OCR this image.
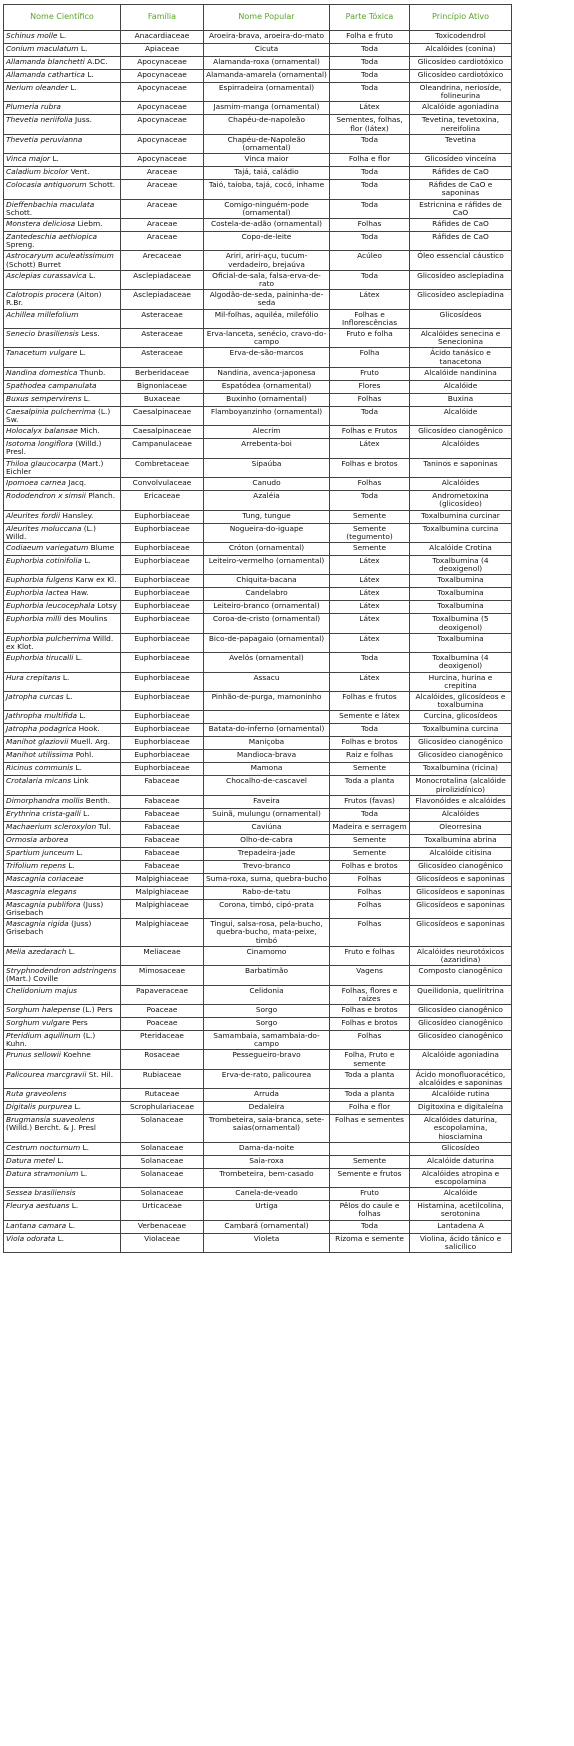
Nome Científico	Família	Nome Popular	Parte Tóxica	Princípio Ativo
Schinus molle L.	Anacardiaceae	Aroeira-brava, aroeira-do-mato	Folha e fruto	Toxicodendrol
Conium maculatum L.	Apiaceae	Cicuta	Toda	Alcalóides (conina)
Allamanda blanchetti A.DC.	Apocynaceae	Alamanda-roxa (ornamental)	Toda	Glicosídeo cardiotóxico
Allamanda cathartica L.	Apocynaceae	Alamanda-amarela (ornamental)	Toda	Glicosídeo cardiotóxico
Nerium oleander L.	Apocynaceae	Espirradeira (ornamental)	Toda	Oleandrina, neriosíde, folineurina
Plumeria rubra	Apocynaceae	Jasmim-manga (ornamental)	Látex	Alcalóide agoniadina
Thevetia neriifolia Juss.	Apocynaceae	Chapéu-de-napoleão	Sementes, folhas, flor (látex)	Tevetina, tevetoxina, nereifolina
Thevetia peruvianna	Apocynaceae	Chapéu-de-Napoleão (ornamental)	Toda	Tevetina
Vinca major L.	Apocynaceae	Vinca maior	Folha e flor	Glicosídeo vinceína
Caladium bicolor Vent.	Araceae	Tajá, taiá, caládio	Toda	Ráfides de CaO
Colocasia antiquorum Schott.	Araceae	Taió, taioba, tajá, cocó, inhame	Toda	Ráfides de CaO e saponinas
Dieffenbachia maculata Schott.	Araceae	Comigo-ninguém-pode (ornamental)	Toda	Estricnina e ráfides de CaO
Monstera deliciosa Liebm.	Araceae	Costela-de-adão (ornamental)	Folhas	Ráfides de CaO
Zantedeschia aethiopica Spreng.	Araceae	Copo-de-leite	Toda	Ráfides de CaO
Astrocaryum aculeatissimum (Schott) Burret	Arecaceae	Ariri, ariri-açu, tucum-verdadeiro, brejaúva	Acúleo	Óleo essencial cáustico
Asclepias curassavica L.	Asclepiadaceae	Oficial-de-sala, falsa-erva-de-rato	Toda	Glicosídeo asclepiadina
Calotropis procera (Aiton) R.Br.	Asclepiadaceae	Algodão-de-seda, paininha-de-seda	Látex	Glicosídeo asclepiadina
Achillea millefolium	Asteraceae	Mil-folhas, aquiléa, milefólio	Folhas e Inflorescências	Glicosídeos
Senecio brasiliensis Less.	Asteraceae	Erva-lanceta, senécio, cravo-do-campo	Fruto e folha	Alcalóides senecina e Senecionina
Tanacetum vulgare L.	Asteraceae	Erva-de-são-marcos	Folha	Ácido tanásico e tanacetona
Nandina domestica Thunb.	Berberidaceae	Nandina, avenca-japonesa	Fruto	Alcalóide nandinina
Spathodea campanulata	Bignoniaceae	Espatódea (ornamental)	Flores	Alcalóide
Buxus sempervirens L.	Buxaceae	Buxinho (ornamental)	Folhas	Buxina
Caesalpinia pulcherrima (L.) Sw.	Caesalpinaceae	Flamboyanzinho (ornamental)	Toda	Alcalóide
Holocalyx balansae Mich.	Caesalpinaceae	Alecrim	Folhas e Frutos	Glicosídeo cianogênico
Isotoma longiflora (Willd.) Presl.	Campanulaceae	Arrebenta-boi	Látex	Alcalóides
Thiloa glaucocarpa (Mart.) Eichler	Combretaceae	Sipaúba	Folhas e brotos	Taninos e saponinas
Ipomoea carnea Jacq.	Convolvulaceae	Canudo	Folhas	Alcalóides
Rododendron x simsii Planch.	Ericaceae	Azaléia	Toda	Andrometoxina (glicosídeo)
Aleurites fordii Hansley.	Euphorbiaceae	Tung, tungue	Semente	Toxalbumina curcinar
Aleurites moluccana (L.) Willd.	Euphorbiaceae	Nogueira-do-iguape	Semente (tegumento)	Toxalbumina curcina
Codiaeum variegatum Blume	Euphorbiaceae	Cróton (ornamental)	Semente	Alcalóide Crotina
Euphorbia cotinifolia L.	Euphorbiaceae	Leiteiro-vermelho (ornamental)	Látex	Toxalbumina (4 deoxigenol)
Euphorbia fulgens Karw ex Kl.	Euphorbiaceae	Chiquita-bacana	Látex	Toxalbumina
Euphorbia lactea Haw.	Euphorbiaceae	Candelabro	Látex	Toxalbumina
Euphorbia leucocephala Lotsy	Euphorbiaceae	Leiteiro-branco (ornamental)	Látex	Toxalbumina
Euphorbia milli des Moulins	Euphorbiaceae	Coroa-de-cristo (ornamental)	Látex	Toxalbumina (5 deoxigenol)
Euphorbia pulcherrima Willd. ex Klot.	Euphorbiaceae	Bico-de-papagaio (ornamental)	Látex	Toxalbumina
Euphorbia tirucalli L.	Euphorbiaceae	Avelós (ornamental)	Toda	Toxalbumina (4 deoxigenol)
Hura crepitans L.	Euphorbiaceae	Assacu	Látex	Hurcina, hurina e crepitina
Jatropha curcas L.	Euphorbiaceae	Pinhão-de-purga, mamoninho	Folhas e frutos	Alcalóides, glicosídeos e toxalbumina
Jathropha multifida L.	Euphorbiaceae		Semente e látex	Curcina, glicosídeos
Jatropha podagrica Hook.	Euphorbiaceae	Batata-do-inferno (ornamental)	Toda	Toxalbumina curcina
Manihot glaziovii Muell. Arg.	Euphorbiaceae	Maniçoba	Folhas e brotos	Glicosídeo cianogênico
Manihot utilissima Pohl.	Euphorbiaceae	Mandioca-brava	Raiz e folhas	Glicosídeo cianogênico
Ricinus communis L.	Euphorbiaceae	Mamona	Semente	Toxalbumina (ricina)
Crotalaria micans Link	Fabaceae	Chocalho-de-cascavel	Toda a planta	Monocrotalina (alcalóide pirolizidínico)
Dimorphandra mollis Benth.	Fabaceae	Faveira	Frutos (favas)	Flavonóides e alcalóides
Erythrina crista-galli L.	Fabaceae	Suinã, mulungu (ornamental)	Toda	Alcalóides
Machaerium scleroxylon Tul.	Fabaceae	Caviúna	Madeira e serragem	Oleorresina
Ormosia arborea	Fabaceae	Olho-de-cabra	Semente	Toxalbumina abrina
Spartium junceum L.	Fabaceae	Trepadeira-jade	Semente	Alcalóide citisina
Trifolium repens L.	Fabaceae	Trevo-branco	Folhas e brotos	Glicosídeo cianogênico
Mascagnia coriaceae	Malpighiaceae	Suma-roxa, suma, quebra-bucho	Folhas	Glicosídeos e saponinas
Mascagnia elegans	Malpighiaceae	Rabo-de-tatu	Folhas	Glicosídeos e saponinas
Mascagnia publifora (Juss) Grisebach	Malpighiaceae	Corona, timbó, cipó-prata	Folhas	Glicosídeos e saponinas
Mascagnia rigida (Juss) Grisebach	Malpighiaceae	Tingui, salsa-rosa, pela-bucho, quebra-bucho, mata-peixe, timbó	Folhas	Glicosídeos e saponinas
Melia azedarach L.	Meliaceae	Cinamomo	Fruto e folhas	Alcalóides neurotóxicos (azaridina)
Stryphnodendron adstringens (Mart.) Coville	Mimosaceae	Barbatimão	Vagens	Composto cianogênico
Chelidonium majus	Papaveraceae	Celidonia	Folhas, flores e raízes	Queilidonia, queliritrina
Sorghum halepense (L.) Pers	Poaceae	Sorgo	Folhas e brotos	Glicosídeo cianogênico
Sorghum vulgare Pers	Poaceae	Sorgo	Folhas e brotos	Glicosídeo cianogênico
Pteridium aquilinum (L.) Kuhn.	Pteridaceae	Samambaia, samambaia-do-campo	Folhas	Glicosídeo cianogênico
Prunus sellowii Koehne	Rosaceae	Pessegueiro-bravo	Folha, Fruto e semente	Alcalóide agoniadina
Palicourea marcgravii St. Hil.	Rubiaceae	Erva-de-rato, palicourea	Toda a planta	Ácido monofluoracético, alcalóides e saponinas
Ruta graveolens	Rutaceae	Arruda	Toda a planta	Alcalóide rutina
Digitalis purpurea L.	Scrophulariaceae	Dedaleira	Folha e flor	Digitoxina e digitaleína
Brugmansia suaveolens (Willd.) Bercht. & J. Presl	Solanaceae	Trombeteira, saia-branca, sete-saias(ornamental)	Folhas e sementes	Alcalóides daturina, escopolamina, hiosciamina
Cestrum nocturnum L.	Solanaceae	Dama-da-noite		Glicosídeo
Datura metel L.	Solanaceae	Saia-roxa	Semente	Alcalóide daturina
Datura stramonium L.	Solanaceae	Trombeteira, bem-casado	Semente e frutos	Alcalóides atropina e escopolamina
Sessea brasiliensis	Solanaceae	Canela-de-veado	Fruto	Alcalóide
Fleurya aestuans L.	Urticaceae	Urtiga	Pêlos do caule e folhas	Histamina, acetilcolina, serotonina
Lantana camara L.	Verbenaceae	Cambará (ornamental)	Toda	Lantadena A
Viola odorata L.	Violaceae	Violeta	Rizoma e semente	Violina, ácido tânico e salicílico
